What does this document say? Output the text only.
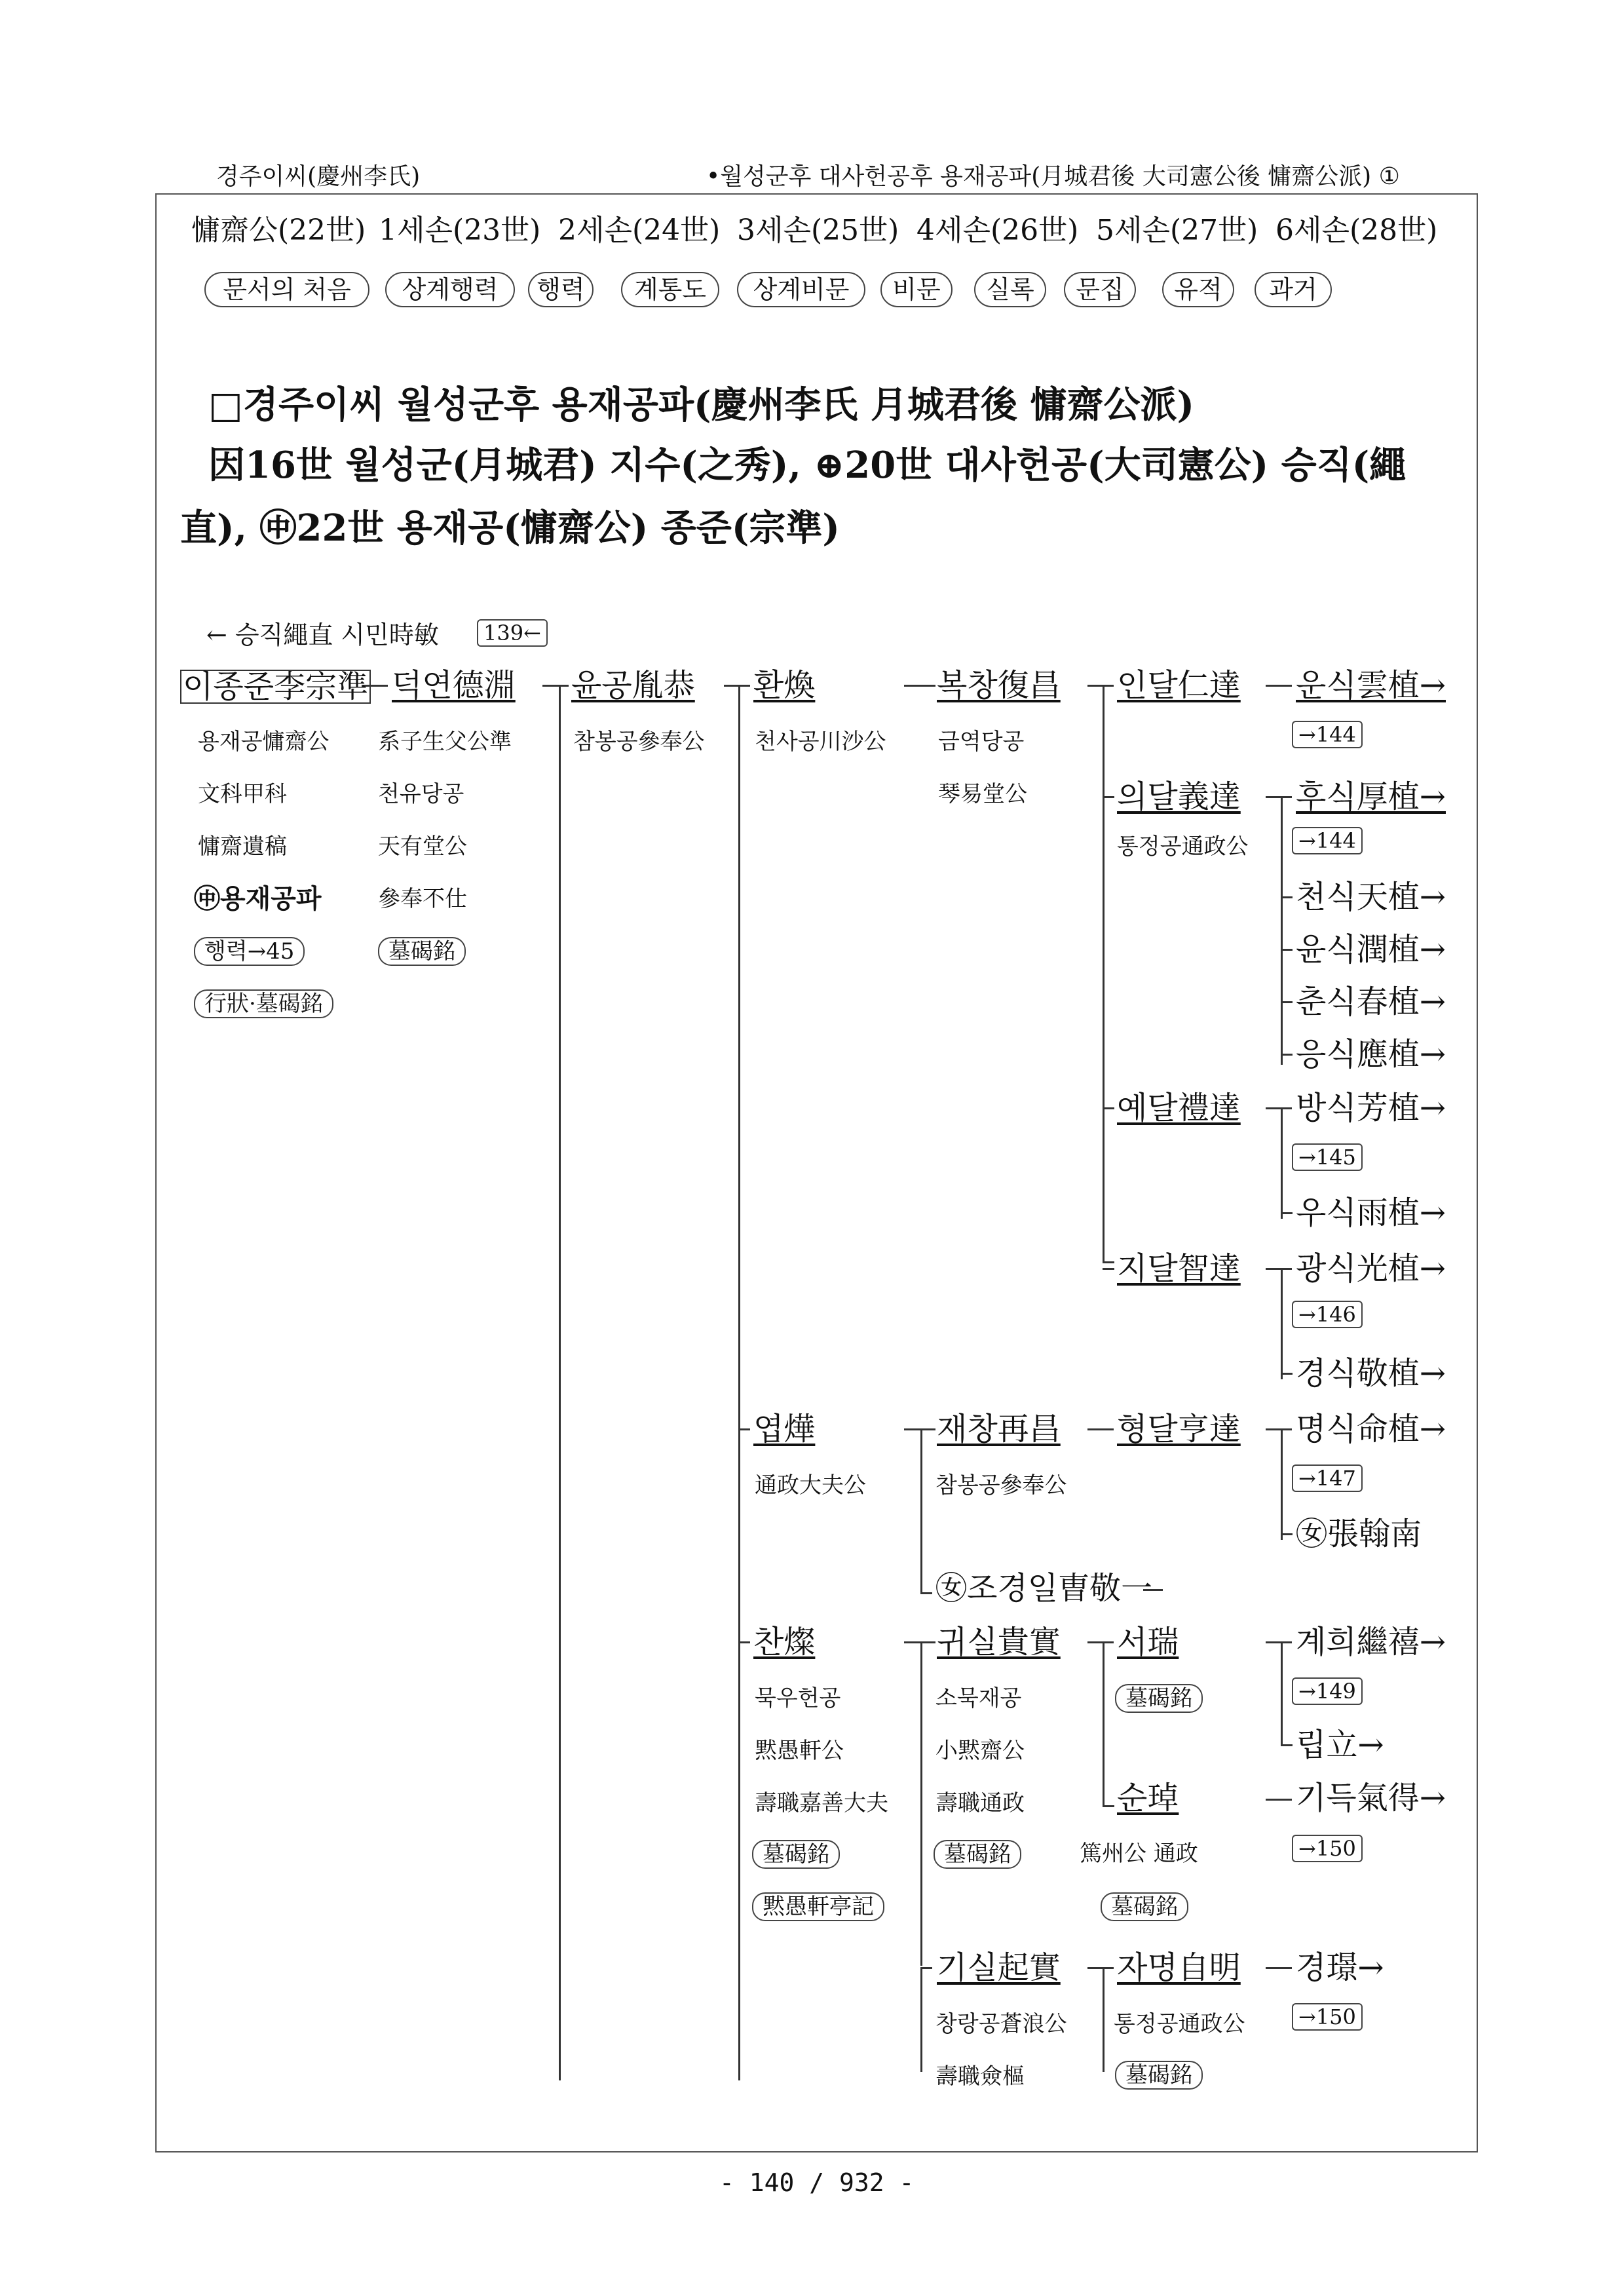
경주이씨(慶州李氏)	•월성군후 대사헌공후 용재공파(月城君後 大司憲公後 慵齋公派) ①
慵齋公(22世) 1세손(23世) 2세손(24世) 3세손(25世) 4세손(26世) 5세손(27世) 6세손(28世)
문서의 처음	상계행력	행력	계통도	상계비문	비문	실록	문집	유적	과거
□경주이씨 월성군후 용재공파(慶州李氏 月城君後 慵齋公派)
因16世 월성군(月城君) 지수(之秀), ⊕20世 대사헌공(大司憲公) 승직(繩
直), ㊥22世 용재공(慵齋公) 종준(宗準)
← 승직繩直 시민時敏	139←
이종준李宗準
용재공慵齋公
文科甲科
慵齋遺稿
㊥용재공파
행력→45
行狀·墓碣銘
덕연德淵
系子生父公準
천유당공
天有堂公
參奉不仕
墓碣銘
윤공胤恭
참봉공參奉公
환煥
천사공川沙公
엽燁
通政大夫公
찬燦
묵우헌공
黙愚軒公
壽職嘉善大夫
墓碣銘
黙愚軒亭記
복창復昌
금역당공
琴易堂公
재창再昌
참봉공參奉公
㊛조경일曺敬一
귀실貴實
소묵재공
小黙齋公
壽職通政
墓碣銘
기실起實
창랑공蒼浪公
壽職僉樞
인달仁達
의달義達
통정공通政公
예달禮達
지달智達
형달亨達
서瑞
墓碣銘
순琸
篤州公 通政
墓碣銘
자명自明
통정공通政公
墓碣銘
운식雲植→
→144
후식厚植→
→144
천식天植→
윤식潤植→
춘식春植→
응식應植→
방식芳植→
→145
우식雨植→
광식光植→
→146
경식敬植→
명식命植→
→147
㊛張翰南
계희繼禧→
→149
립立→
기득氣得→
→150
경璟→
→150
- 140 / 932 -
